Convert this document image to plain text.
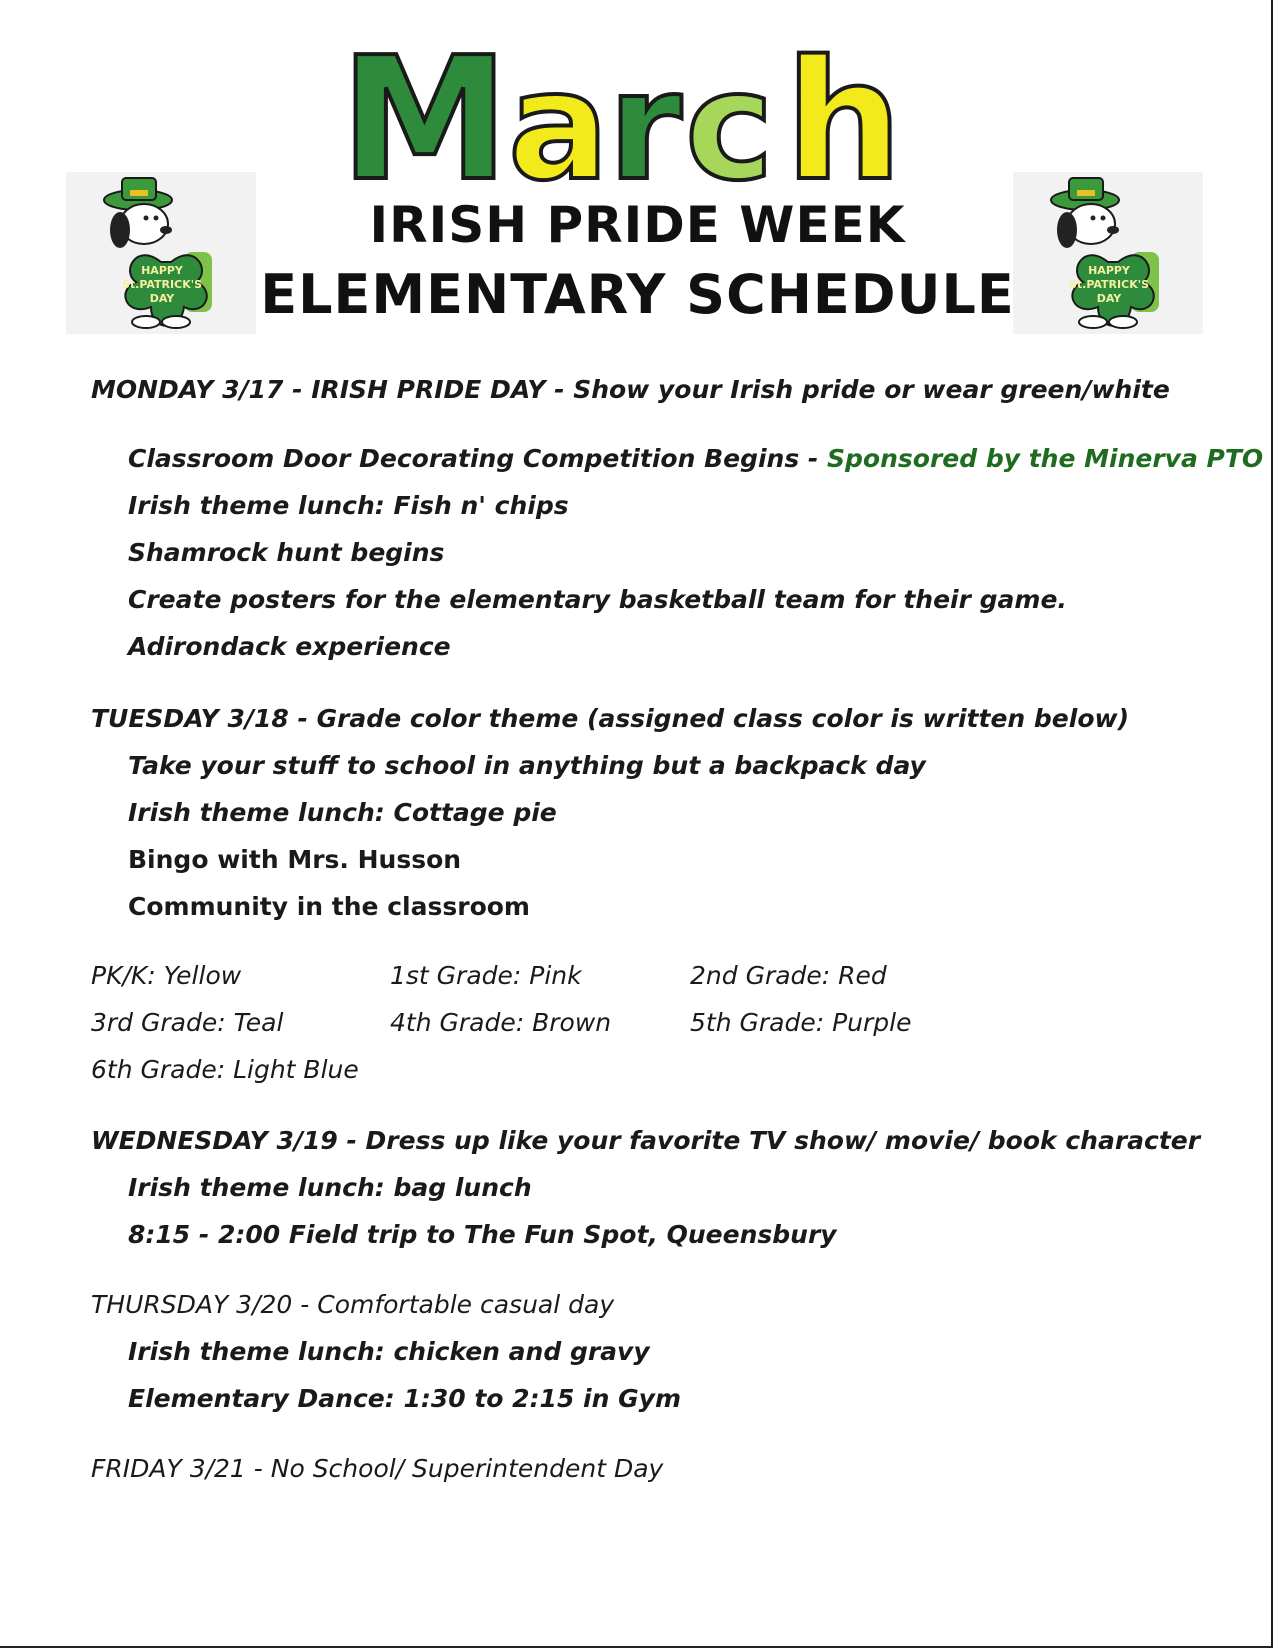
M
a
r c h
HAPPY
St.PATRICK'S
DAY
HAPPY
St.PATRICK'S
DAY
IRISH PRIDE WEEK
ELEMENTARY SCHEDULE
MONDAY 3/17 - IRISH PRIDE DAY - Show your Irish pride or wear green/white
Classroom Door Decorating Competition Begins - Sponsored by the Minerva PTO
Irish theme lunch: Fish n' chips
Shamrock hunt begins
Create posters for the elementary basketball team for their game.
Adirondack experience
TUESDAY 3/18 - Grade color theme (assigned class color is written below)
Take your stuff to school in anything but a backpack day
Irish theme lunch: Cottage pie
Bingo with Mrs. Husson
Community in the classroom
PK/K: Yellow	1st Grade: Pink	2nd Grade: Red
3rd Grade: Teal	4th Grade: Brown	5th Grade: Purple
6th Grade: Light Blue
WEDNESDAY 3/19 - Dress up like your favorite TV show/ movie/ book character
Irish theme lunch: bag lunch
8:15 - 2:00 Field trip to The Fun Spot, Queensbury
THURSDAY 3/20 - Comfortable casual day
Irish theme lunch: chicken and gravy
Elementary Dance: 1:30 to 2:15 in Gym
FRIDAY 3/21 - No School/ Superintendent Day
